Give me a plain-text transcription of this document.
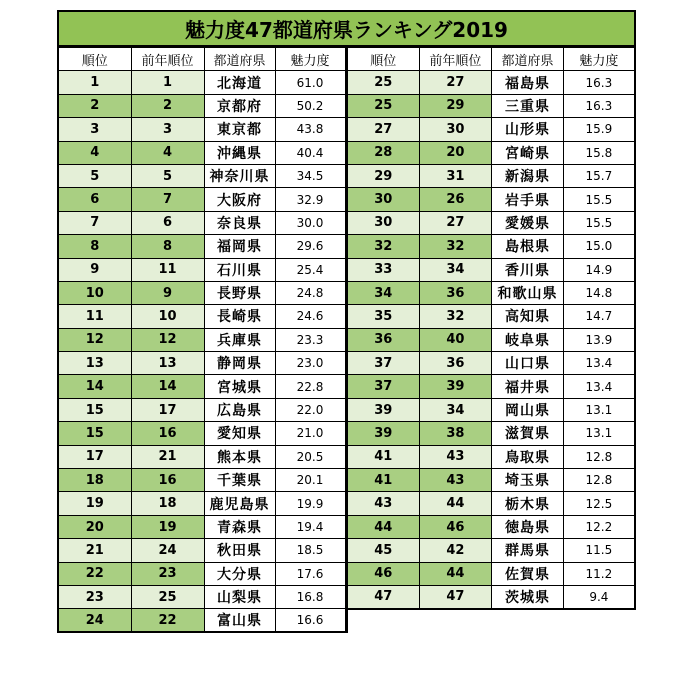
魅力度47都道府県ランキング2019
順位	前年順位	都道府県	魅力度
1	1	北海道	61.0
2	2	京都府	50.2
3	3	東京都	43.8
4	4	沖縄県	40.4
5	5	神奈川県	34.5
6	7	大阪府	32.9
7	6	奈良県	30.0
8	8	福岡県	29.6
9	11	石川県	25.4
10	9	長野県	24.8
11	10	長崎県	24.6
12	12	兵庫県	23.3
13	13	静岡県	23.0
14	14	宮城県	22.8
15	17	広島県	22.0
15	16	愛知県	21.0
17	21	熊本県	20.5
18	16	千葉県	20.1
19	18	鹿児島県	19.9
20	19	青森県	19.4
21	24	秋田県	18.5
22	23	大分県	17.6
23	25	山梨県	16.8
24	22	富山県	16.6
順位	前年順位	都道府県	魅力度
25	27	福島県	16.3
25	29	三重県	16.3
27	30	山形県	15.9
28	20	宮崎県	15.8
29	31	新潟県	15.7
30	26	岩手県	15.5
30	27	愛媛県	15.5
32	32	島根県	15.0
33	34	香川県	14.9
34	36	和歌山県	14.8
35	32	高知県	14.7
36	40	岐阜県	13.9
37	36	山口県	13.4
37	39	福井県	13.4
39	34	岡山県	13.1
39	38	滋賀県	13.1
41	43	鳥取県	12.8
41	43	埼玉県	12.8
43	44	栃木県	12.5
44	46	徳島県	12.2
45	42	群馬県	11.5
46	44	佐賀県	11.2
47	47	茨城県	9.4
